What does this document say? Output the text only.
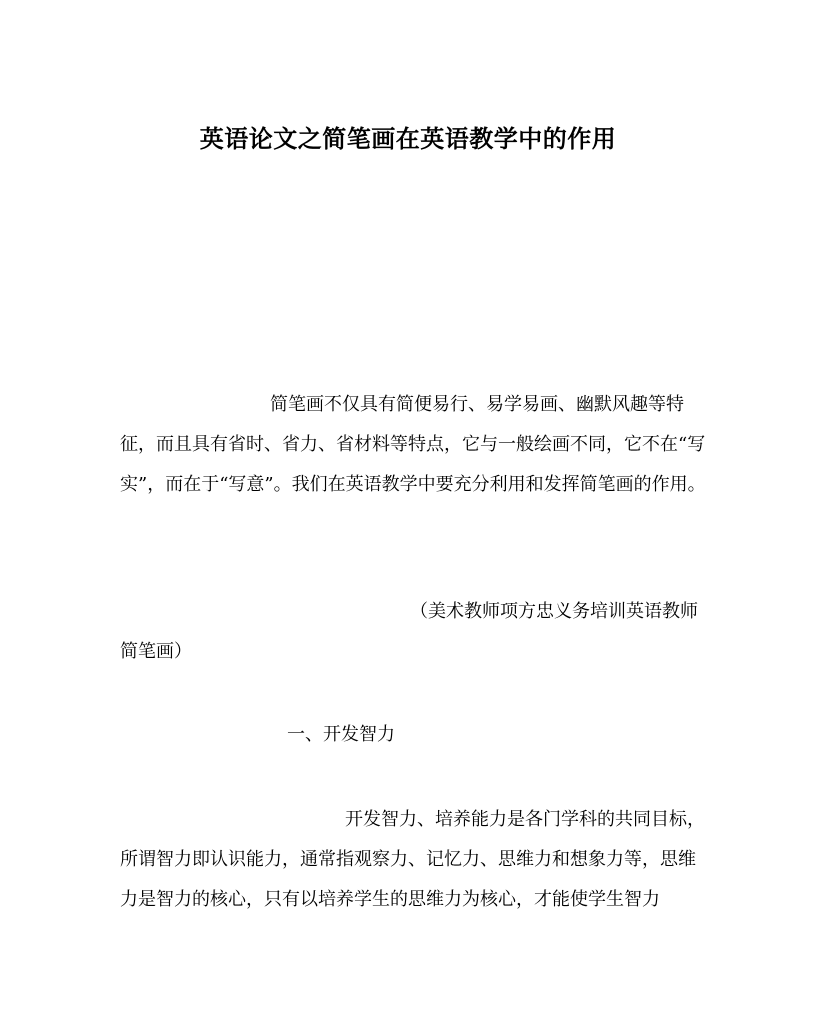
英语论文之简笔画在英语教学中的作用

简笔画不仅具有简便易行、易学易画、幽默风趣等特征，而且具有省时、省力、省材料等特点，它与一般绘画不同，它不在“写实”，而在于“写意”。我们在英语教学中要充分利用和发挥简笔画的作用。

（美术教师项方忠义务培训英语教师简笔画）

一、开发智力

开发智力、培养能力是各门学科的共同目标，所谓智力即认识能力，通常指观察力、记忆力、思维力和想象力等，思维力是智力的核心，只有以培养学生的思维力为核心，才能使学生智力
